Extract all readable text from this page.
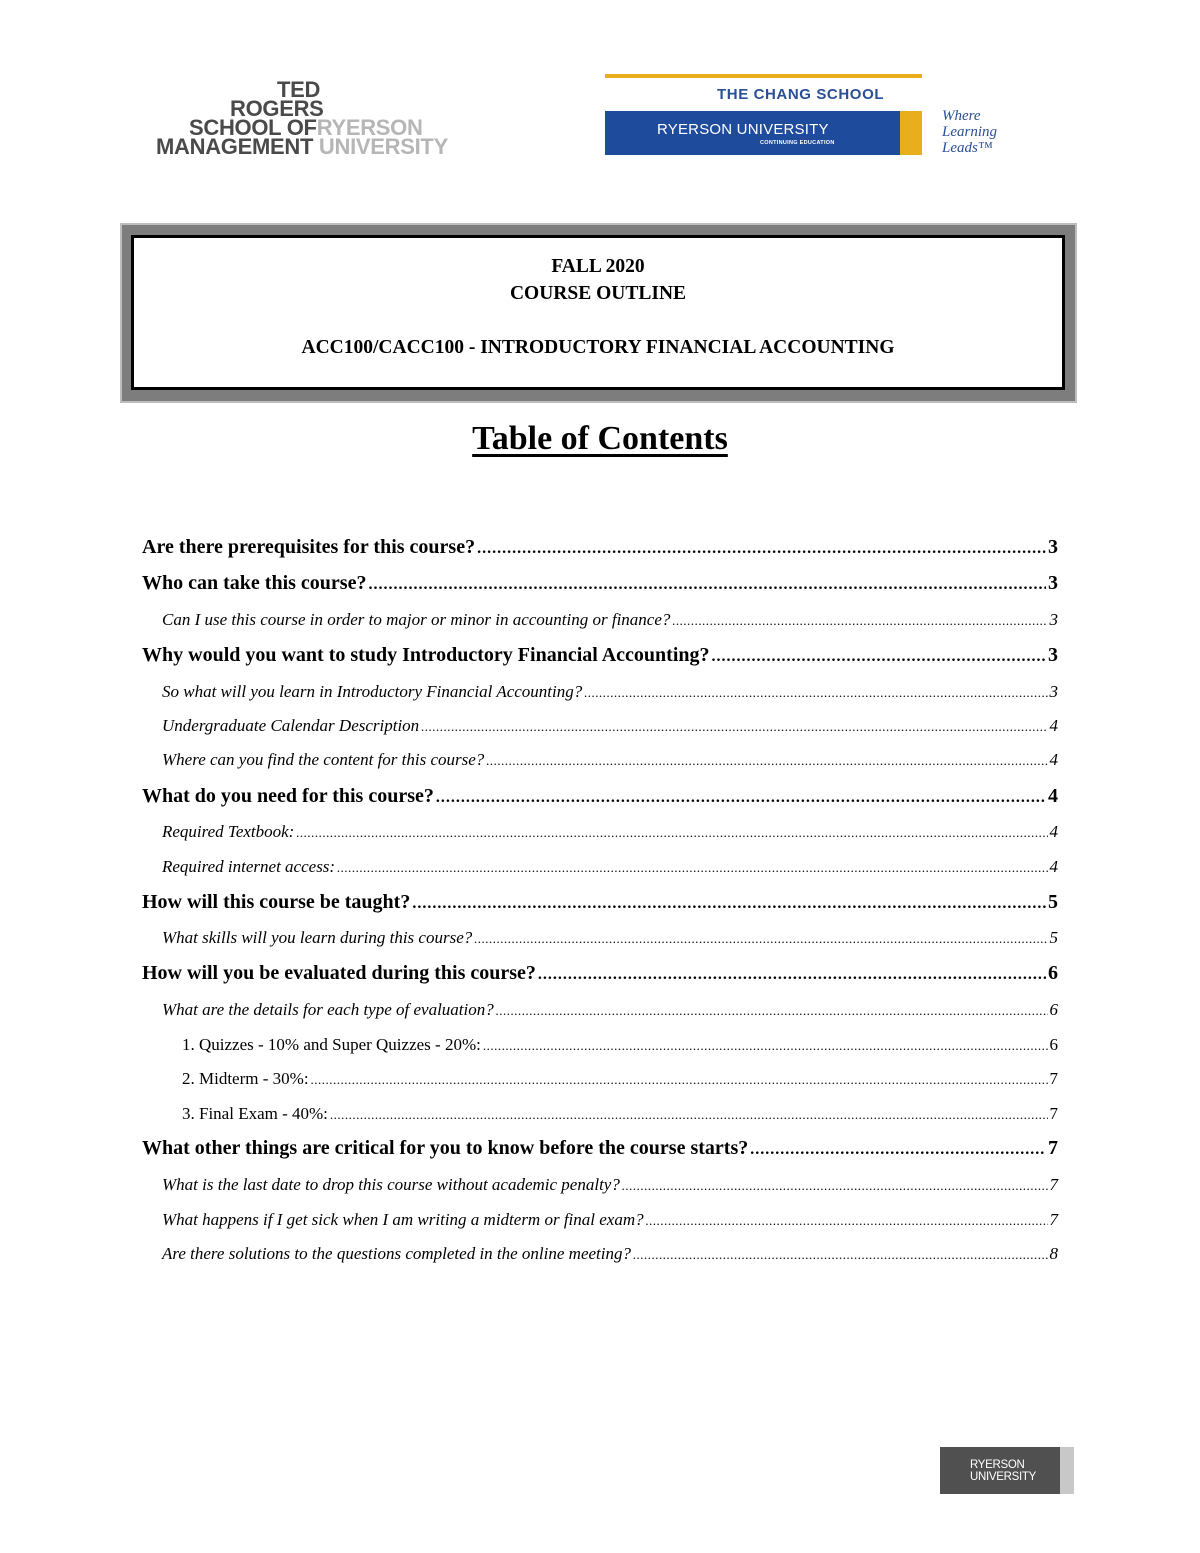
TED
ROGERS
SCHOOL OFRYERSON
MANAGEMENT UNIVERSITY
THE CHANG SCHOOL
RYERSON UNIVERSITY
CONTINUING EDUCATION
Where
Learning
Leads™
FALL 2020
COURSE OUTLINE
ACC100/CACC100 - INTRODUCTORY FINANCIAL ACCOUNTING
Table of Contents
Are there prerequisites for this course? .....	3
Who can take this course? .....	3
Can I use this course in order to major or minor in accounting or finance? .....	3
Why would you want to study Introductory Financial Accounting? .....	3
So what will you learn in Introductory Financial Accounting? .....	3
Undergraduate Calendar Description .....	4
Where can you find the content for this course? .....	4
What do you need for this course? .....	4
Required Textbook: .....	4
Required internet access: .....	4
How will this course be taught? .....	5
What skills will you learn during this course? .....	5
How will you be evaluated during this course? .....	6
What are the details for each type of evaluation? .....	6
1. Quizzes - 10% and Super Quizzes - 20%: .....	6
2. Midterm - 30%: .....	7
3. Final Exam - 40%: .....	7
What other things are critical for you to know before the course starts? .....	7
What is the last date to drop this course without academic penalty? .....	7
What happens if I get sick when I am writing a midterm or final exam? .....	7
Are there solutions to the questions completed in the online meeting? .....	8
RYERSON
UNIVERSITY
